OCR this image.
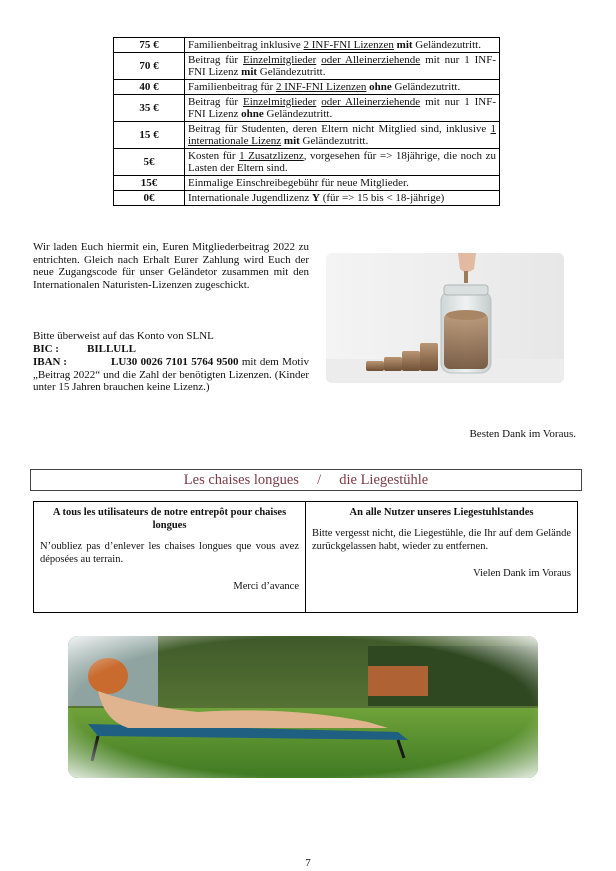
75 €	Familienbeitrag inklusive 2 INF-FNI Lizenzen mit Geländezutritt.
70 €	Beitrag für Einzelmitglieder oder Alleinerziehende mit nur 1 INF-FNI Lizenz mit Geländezutritt.
40 €	Familienbeitrag für 2 INF-FNI Lizenzen ohne Geländezutritt.
35 €	Beitrag für Einzelmitglieder oder Alleinerziehende mit nur 1 INF-FNI Lizenz ohne Geländezutritt.
15 €	Beitrag für Studenten, deren Eltern nicht Mitglied sind, inklusive 1 internationale Lizenz mit Geländezutritt.
5€	Kosten für 1 Zusatzlizenz, vorgesehen für => 18jährige, die noch zu Lasten der Eltern sind.
15€	Einmalige Einschreibegebühr für neue Mitglieder.
0€	Internationale Jugendlizenz Y (für => 15 bis < 18-jährige)
Wir laden Euch hiermit ein, Euren Mitgliederbeitrag 2022 zu entrichten. Gleich nach Erhalt Eurer Zahlung wird Euch der neue Zugangscode für unser Geländetor zusammen mit den Internationalen Naturisten-Lizenzen zugeschickt.
Bitte überweist auf das Konto von SLNL
BIC :	BILLULL
IBAN :	LU30 0026 7101 5764 9500 mit dem Motiv „Beitrag 2022“ und die Zahl der benötigten Lizenzen. (Kinder unter 15 Jahren brauchen keine Lizenz.)
Besten Dank im Voraus.
Les chaises longues     /     die Liegestühle
A tous les utilisateurs de notre entrepôt pour chaises longues
N’oubliez pas d’enlever les chaises longues que vous avez déposées au terrain.
Merci d’avance

An alle Nutzer unseres Liegestuhlstandes
Bitte vergesst nicht, die Liegestühle, die Ihr auf dem Gelände zurückgelassen habt, wieder zu entfernen.
Vielen Dank im Voraus
7
